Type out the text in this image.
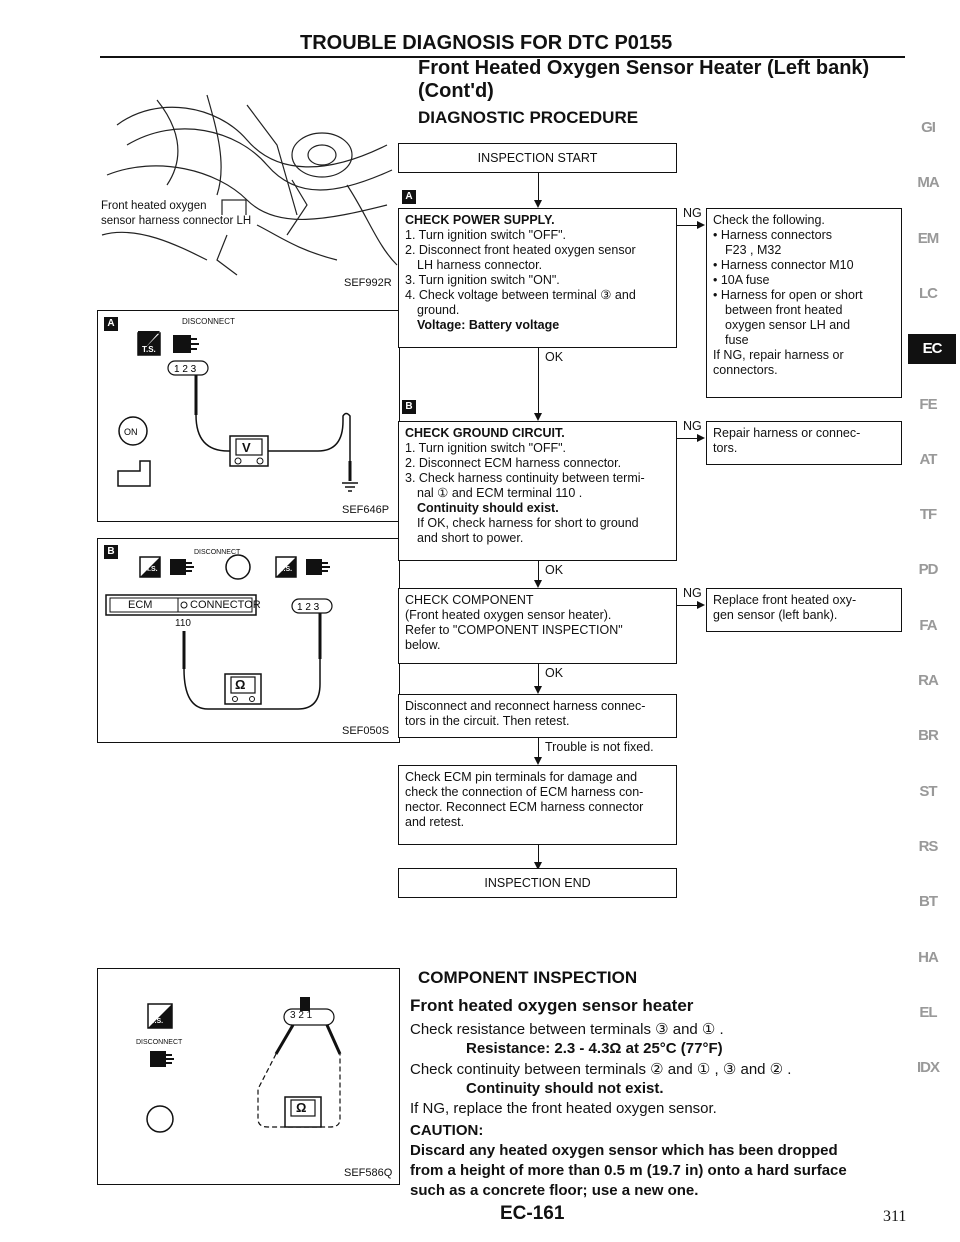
TROUBLE DIAGNOSIS FOR DTC P0155
Front Heated Oxygen Sensor Heater (Left bank)
(Cont'd)
DIAGNOSTIC PROCEDURE
Front heated oxygen
sensor harness connector LH
SEF992R
A	DISCONNECT
T.S.
1 2 3
ON
V
SEF646P
B
1 2 3
DISCONNECT
H.S.	T.S.
ECM	CONNECTOR
110
Ω
SEF050S
INSPECTION START
A
CHECK POWER SUPPLY.
1. Turn ignition switch "OFF".
2. Disconnect front heated oxygen sensor
LH harness connector.
3. Turn ignition switch "ON".
4. Check voltage between terminal ③ and
ground.
Voltage: Battery voltage
NG Check the following.
• Harness connectors
F23 , M32
• Harness connector M10
• 10A fuse
• Harness for open or short
between front heated
oxygen sensor LH and
fuse
If NG, repair harness or
connectors.
OK
B
CHECK GROUND CIRCUIT.
1. Turn ignition switch "OFF".
2. Disconnect ECM harness connector.
3. Check harness continuity between termi-
nal ① and ECM terminal 110 .
Continuity should exist.
If OK, check harness for short to ground
and short to power.
NG Repair harness or connec-
tors.
OK
CHECK COMPONENT
(Front heated oxygen sensor heater).
Refer to "COMPONENT INSPECTION"
below.
NG Replace front heated oxy-
gen sensor (left bank).
OK
Disconnect and reconnect harness connec-
tors in the circuit. Then retest.
Trouble is not fixed.
Check ECM pin terminals for damage and
check the connection of ECM harness con-
nector. Reconnect ECM harness connector
and retest.
INSPECTION END
T.S.
DISCONNECT
3 2 1
Ω
SEF586Q
COMPONENT INSPECTION
Front heated oxygen sensor heater
Check resistance between terminals ③ and ① .
Resistance: 2.3 - 4.3Ω at 25°C (77°F)
Check continuity between terminals ② and ① , ③ and ② .
Continuity should not exist.
If NG, replace the front heated oxygen sensor.
CAUTION:
Discard any heated oxygen sensor which has been dropped
from a height of more than 0.5 m (19.7 in) onto a hard surface
such as a concrete floor; use a new one.
EC-161	311
GI
MA
EM
LC
EC
FE
AT
TF
PD
FA
RA
BR
ST
RS
BT
HA
EL
IDX
